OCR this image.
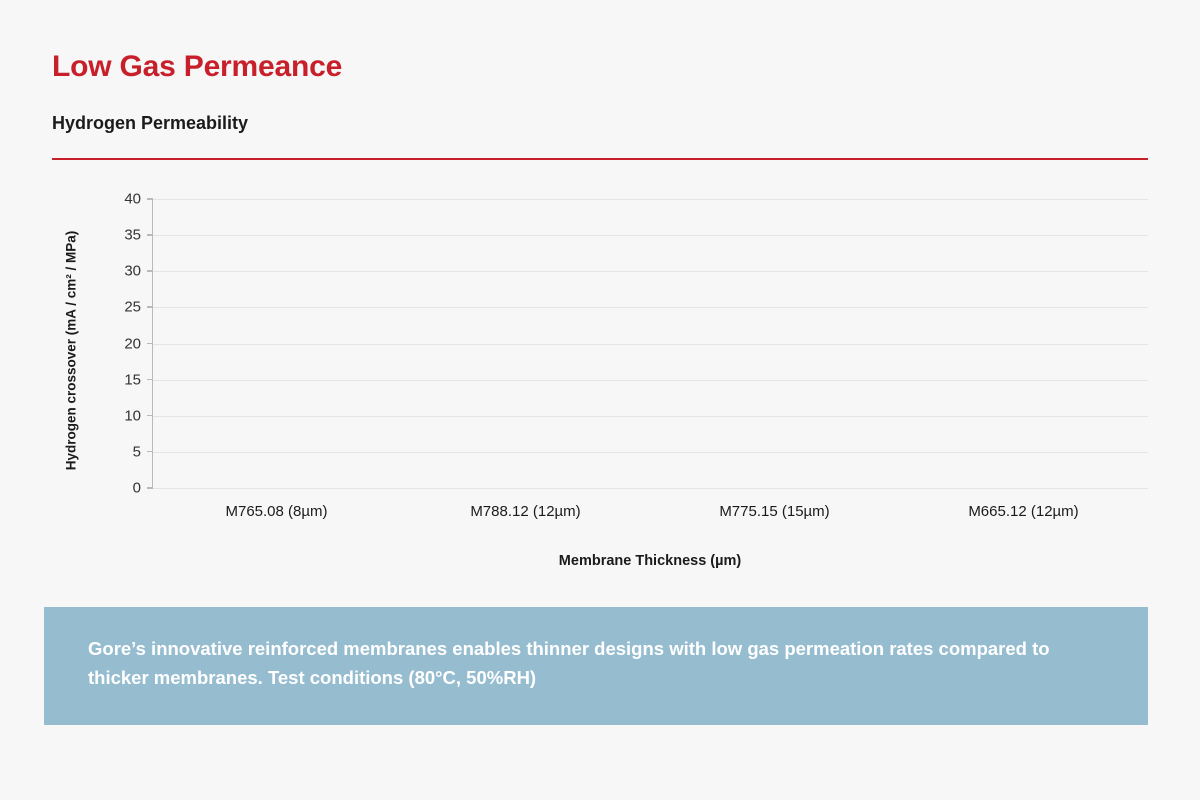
Low Gas Permeance
Hydrogen Permeability
Hydrogen crossover (mA / cm² / MPa)
0
5
10
15
20
25
30
35
40
M765.08 (8µm)	M788.12 (12µm)	M775.15 (15µm)	M665.12 (12µm)
Membrane Thickness (µm)
Gore’s innovative reinforced membranes enables thinner designs with low gas permeation rates compared to thicker membranes. Test conditions (80°C, 50%RH)
